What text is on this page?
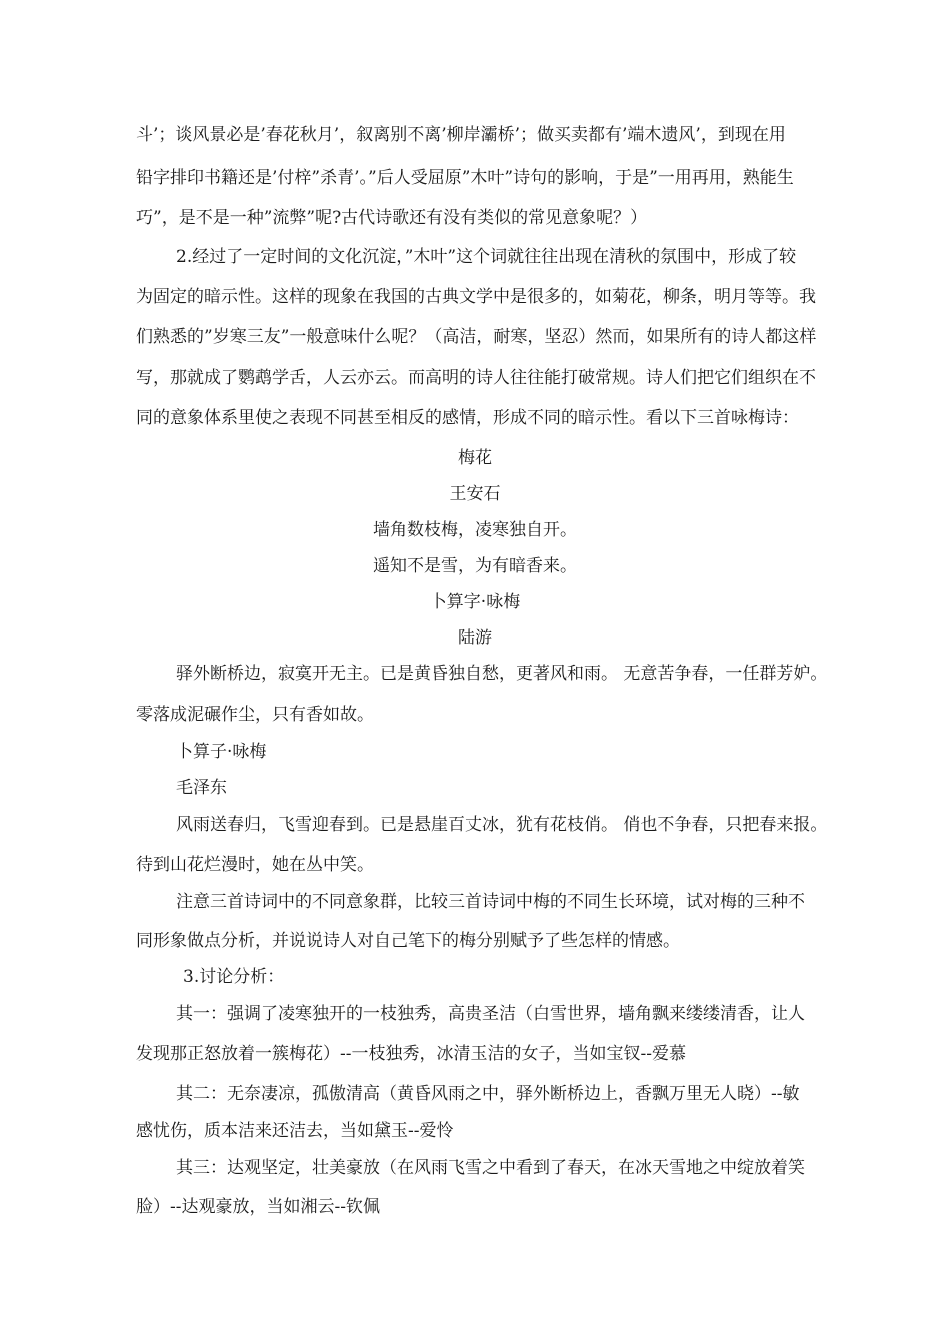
斗’；谈风景必是’春花秋月’，叙离别不离’柳岸灞桥’；做买卖都有’端木遗风’，到现在用
铅字排印书籍还是’付梓”杀青’。”后人受屈原”木叶”诗句的影响，于是”一用再用，熟能生
巧”，是不是一种”流弊”呢?古代诗歌还有没有类似的常见意象呢？）
2.经过了一定时间的文化沉淀，”木叶”这个词就往往出现在清秋的氛围中，形成了较
为固定的暗示性。这样的现象在我国的古典文学中是很多的，如菊花，柳条，明月等等。我
们熟悉的”岁寒三友”一般意味什么呢？（高洁，耐寒，坚忍）然而，如果所有的诗人都这样
写，那就成了鹦鹉学舌，人云亦云。而高明的诗人往往能打破常规。诗人们把它们组织在不
同的意象体系里使之表现不同甚至相反的感情，形成不同的暗示性。看以下三首咏梅诗：
梅花
王安石
墙角数枝梅，凌寒独自开。
遥知不是雪，为有暗香来。
卜算字·咏梅
陆游
驿外断桥边，寂寞开无主。已是黄昏独自愁，更著风和雨。 无意苦争春，一任群芳妒。
零落成泥碾作尘，只有香如故。
卜算子·咏梅
毛泽东
风雨送春归，飞雪迎春到。已是悬崖百丈冰，犹有花枝俏。 俏也不争春，只把春来报。
待到山花烂漫时，她在丛中笑。
注意三首诗词中的不同意象群，比较三首诗词中梅的不同生长环境，试对梅的三种不
同形象做点分析，并说说诗人对自己笔下的梅分别赋予了些怎样的情感。
3.讨论分析：
其一：强调了凌寒独开的一枝独秀，高贵圣洁（白雪世界，墙角飘来缕缕清香，让人
发现那正怒放着一簇梅花）--一枝独秀，冰清玉洁的女子，当如宝钗--爱慕
其二：无奈凄凉，孤傲清高（黄昏风雨之中，驿外断桥边上，香飘万里无人晓）--敏
感忧伤，质本洁来还洁去，当如黛玉--爱怜
其三：达观坚定，壮美豪放（在风雨飞雪之中看到了春天，在冰天雪地之中绽放着笑
脸）--达观豪放，当如湘云--钦佩
